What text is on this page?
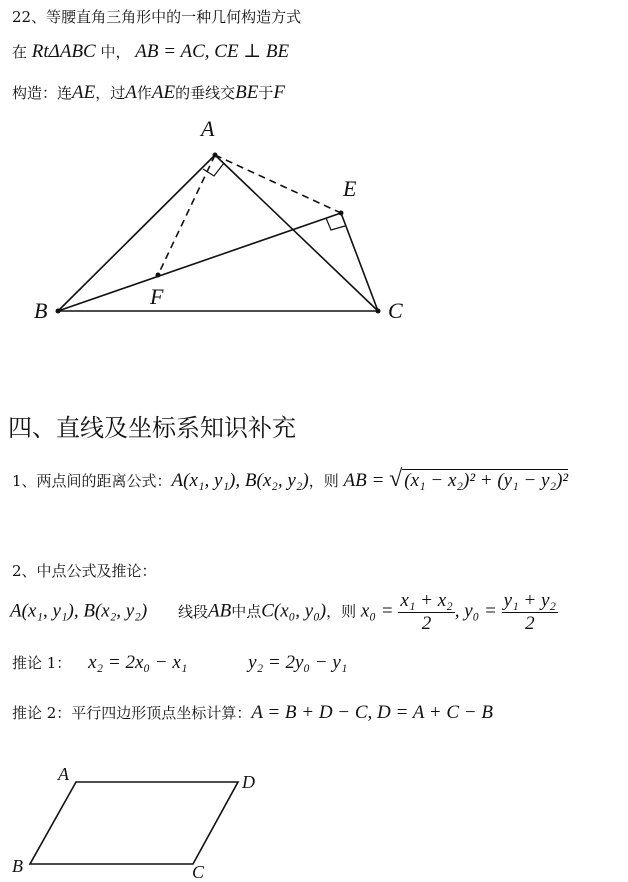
22、等腰直角三角形中的一种几何构造方式
在 RtΔABC 中， AB = AC, CE ⊥ BE
构造：连AE，过A作AE的垂线交BE于F
A
E
F
B	C
四、直线及坐标系知识补充
1、两点间的距离公式：A(x₁, y₁), B(x₂, y₂)，则 AB = √ (x₁ − x₂)² + (y₁ − y₂)²
2、中点公式及推论：
A(x₁, y₁), B(x₂, y₂) 线段AB中点C(x₀, y₀)，则 $x_0 = \frac{\text{x₁ + x₂}}{2}$ , $y_0 = \frac{\text{y₁ + y₂}}{2}$
推论 1： x₂ = 2x₀ − x₁	y₂ = 2y₀ − y₁
推论 2：平行四边形顶点坐标计算：A = B + D − C, D = A + C − B
A	D
B	C
